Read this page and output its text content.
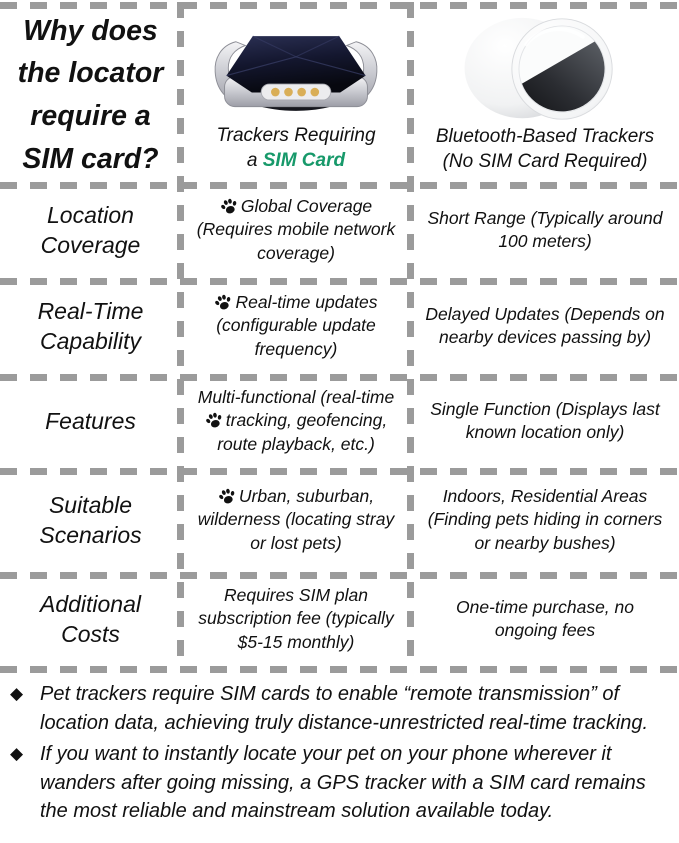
Why does the locator require a SIM card?
Trackers Requiring
a SIM Card
Bluetooth-Based Trackers
(No SIM Card Required)
Location Coverage
Global Coverage (Requires mobile network coverage)
Short Range (Typically around 100 meters)
Real-Time Capability
Real-time updates (configurable update frequency)
Delayed Updates (Depends on nearby devices passing by)
Features
Multi-functional (real-time tracking, geofencing, route playback, etc.)
Single Function (Displays last known location only)
Suitable Scenarios
Urban, suburban, wilderness (locating stray or lost pets)
Indoors, Residential Areas (Finding pets hiding in corners or nearby bushes)
Additional Costs
Requires SIM plan subscription fee (typically $5-15 monthly)
One-time purchase, no ongoing fees
◆ Pet trackers require SIM cards to enable “remote transmission” of location data, achieving truly distance-unrestricted real-time tracking.
◆ If you want to instantly locate your pet on your phone wherever it wanders after going missing, a GPS tracker with a SIM card remains the most reliable and mainstream solution available today.
